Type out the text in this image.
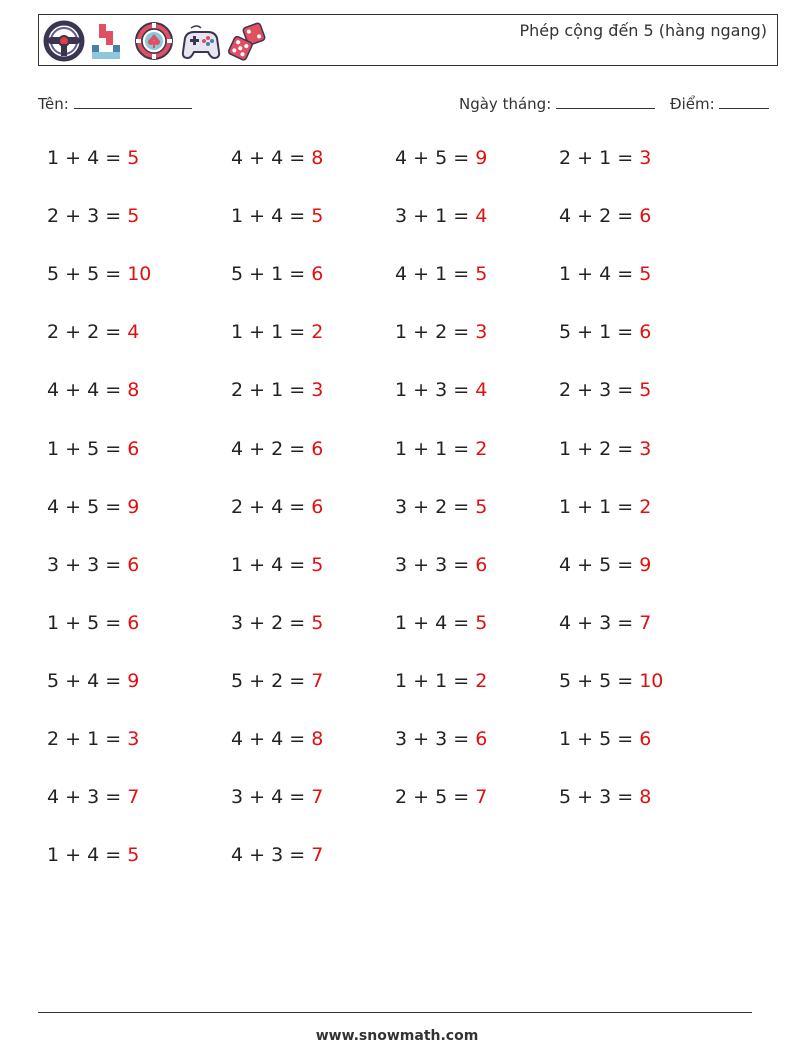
Phép cộng đến 5 (hàng ngang)
Tên:	Ngày tháng:	Điểm:
1 + 4 = 5
2 + 3 = 5
5 + 5 = 10
2 + 2 = 4
4 + 4 = 8
1 + 5 = 6
4 + 5 = 9
3 + 3 = 6
1 + 5 = 6
5 + 4 = 9
2 + 1 = 3
4 + 3 = 7
1 + 4 = 5
4 + 4 = 8
1 + 4 = 5
5 + 1 = 6
1 + 1 = 2
2 + 1 = 3
4 + 2 = 6
2 + 4 = 6
1 + 4 = 5
3 + 2 = 5
5 + 2 = 7
4 + 4 = 8
3 + 4 = 7
4 + 3 = 7
4 + 5 = 9
3 + 1 = 4
4 + 1 = 5
1 + 2 = 3
1 + 3 = 4
1 + 1 = 2
3 + 2 = 5
3 + 3 = 6
1 + 4 = 5
1 + 1 = 2
3 + 3 = 6
2 + 5 = 7
2 + 1 = 3
4 + 2 = 6
1 + 4 = 5
5 + 1 = 6
2 + 3 = 5
1 + 2 = 3
1 + 1 = 2
4 + 5 = 9
4 + 3 = 7
5 + 5 = 10
1 + 5 = 6
5 + 3 = 8
www.snowmath.com
